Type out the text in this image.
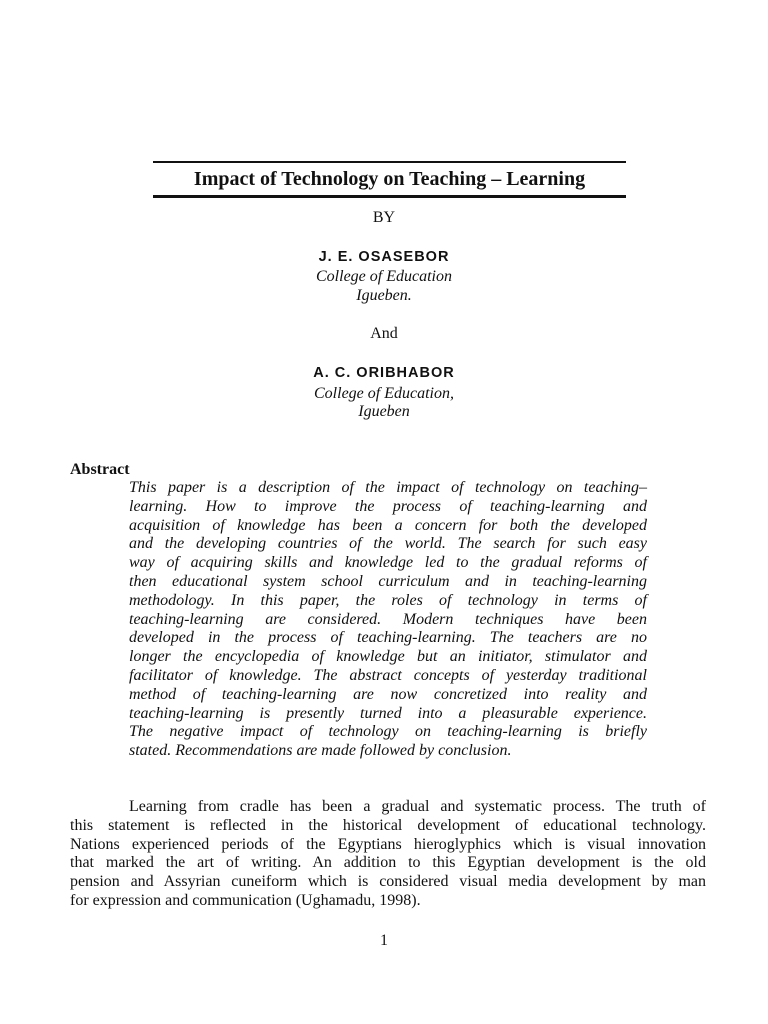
Impact of Technology on Teaching – Learning
BY
J. E. OSASEBOR
College of Education
Igueben.
And
A. C. ORIBHABOR
College of Education,
Igueben
Abstract
This paper is a description of the impact of technology on teaching–
learning. How to improve the process of teaching-learning and
acquisition of knowledge has been a concern for both the developed
and the developing countries of the world. The search for such easy
way of acquiring skills and knowledge led to the gradual reforms of
then educational system school curriculum and in teaching-learning
methodology. In this paper, the roles of technology in terms of
teaching-learning are considered. Modern techniques have been
developed in the process of teaching-learning. The teachers are no
longer the encyclopedia of knowledge but an initiator, stimulator and
facilitator of knowledge. The abstract concepts of yesterday traditional
method of teaching-learning are now concretized into reality and
teaching-learning is presently turned into a pleasurable experience.
The negative impact of technology on teaching-learning is briefly
stated. Recommendations are made followed by conclusion.
Learning from cradle has been a gradual and systematic process. The truth of
this statement is reflected in the historical development of educational technology.
Nations experienced periods of the Egyptians hieroglyphics which is visual innovation
that marked the art of writing. An addition to this Egyptian development is the old
pension and Assyrian cuneiform which is considered visual media development by man
for expression and communication (Ughamadu, 1998).
1
